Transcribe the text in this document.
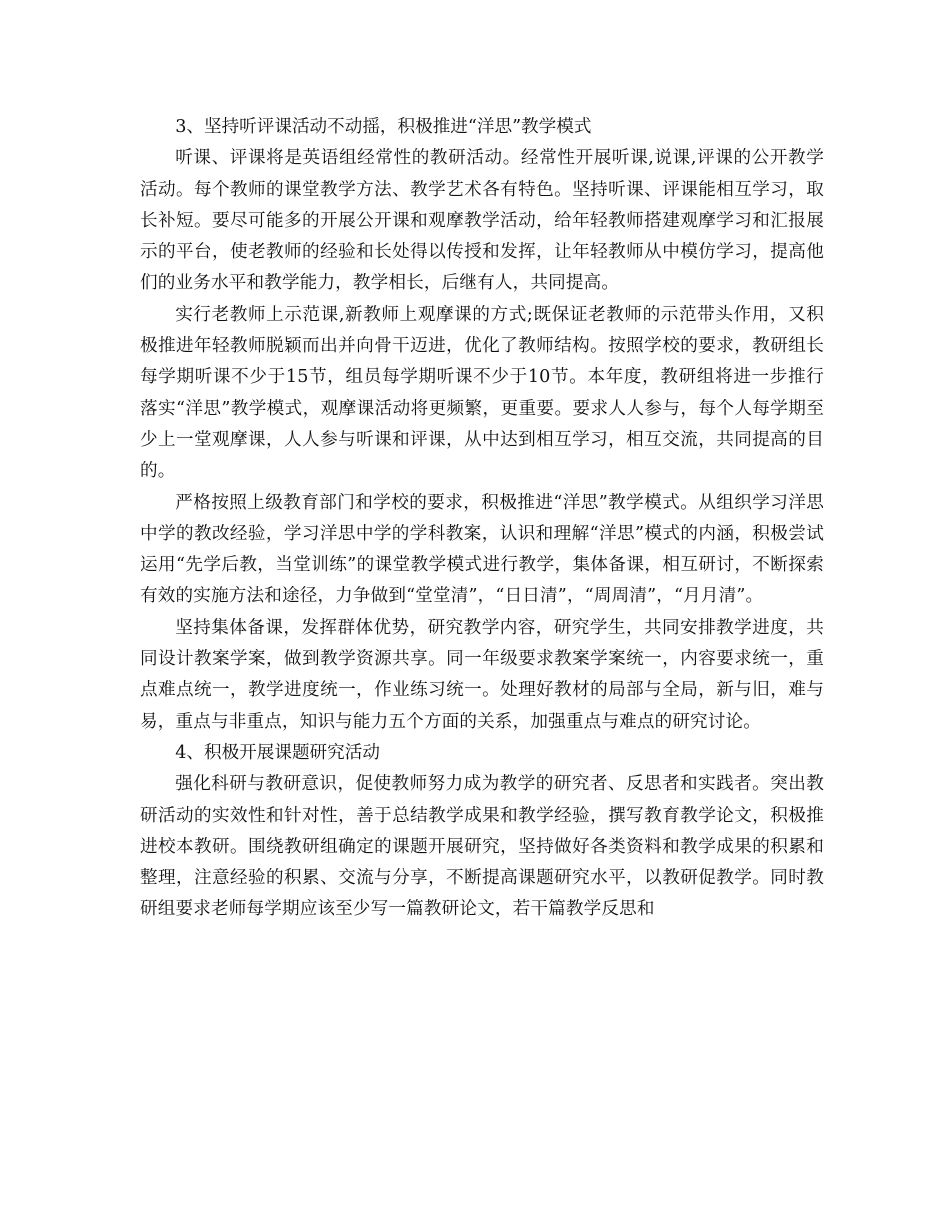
3、坚持听评课活动不动摇，积极推进“洋思”教学模式

听课、评课将是英语组经常性的教研活动。经常性开展听课,说课,评课的公开教学活动。每个教师的课堂教学方法、教学艺术各有特色。坚持听课、评课能相互学习，取长补短。要尽可能多的开展公开课和观摩教学活动，给年轻教师搭建观摩学习和汇报展示的平台，使老教师的经验和长处得以传授和发挥，让年轻教师从中模仿学习，提高他们的业务水平和教学能力，教学相长，后继有人，共同提高。

实行老教师上示范课,新教师上观摩课的方式;既保证老教师的示范带头作用，又积极推进年轻教师脱颖而出并向骨干迈进，优化了教师结构。按照学校的要求，教研组长每学期听课不少于15节，组员每学期听课不少于10节。本年度，教研组将进一步推行落实“洋思”教学模式，观摩课活动将更频繁，更重要。要求人人参与，每个人每学期至少上一堂观摩课，人人参与听课和评课，从中达到相互学习，相互交流，共同提高的目的。

严格按照上级教育部门和学校的要求，积极推进“洋思”教学模式。从组织学习洋思中学的教改经验，学习洋思中学的学科教案，认识和理解“洋思”模式的内涵，积极尝试运用“先学后教，当堂训练”的课堂教学模式进行教学，集体备课，相互研讨，不断探索有效的实施方法和途径，力争做到“堂堂清”，“日日清”，“周周清”，“月月清”。

坚持集体备课，发挥群体优势，研究教学内容，研究学生，共同安排教学进度，共同设计教案学案，做到教学资源共享。同一年级要求教案学案统一，内容要求统一，重点难点统一，教学进度统一，作业练习统一。处理好教材的局部与全局，新与旧，难与易，重点与非重点，知识与能力五个方面的关系，加强重点与难点的研究讨论。

4、积极开展课题研究活动

强化科研与教研意识，促使教师努力成为教学的研究者、反思者和实践者。突出教研活动的实效性和针对性，善于总结教学成果和教学经验，撰写教育教学论文，积极推进校本教研。围绕教研组确定的课题开展研究，坚持做好各类资料和教学成果的积累和整理，注意经验的积累、交流与分享，不断提高课题研究水平，以教研促教学。同时教研组要求老师每学期应该至少写一篇教研论文，若干篇教学反思和
